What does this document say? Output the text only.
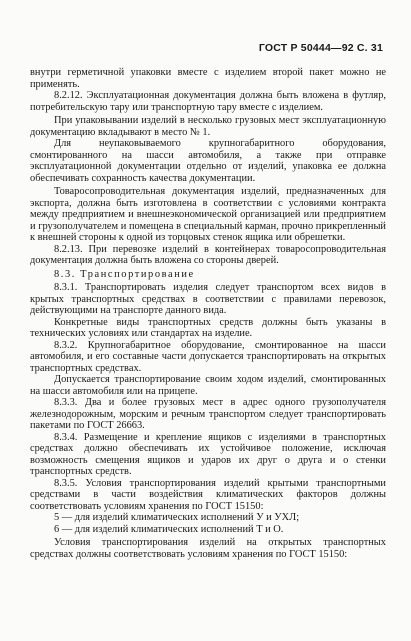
ГОСТ Р 50444—92 С. 31

внутри герметичной упаковки вместе с изделием второй пакет можно не применять.

8.2.12. Эксплуатационная документация должна быть вложена в футляр, потребительскую тару или транспортную тару вместе с изделием.

При упаковывании изделий в несколько грузовых мест эксплуатационную документацию вкладывают в место № 1.

Для неупаковываемого крупногабаритного оборудования, смонтированного на шасси автомобиля, а также при отправке эксплуатационной документации отдельно от изделий, упаковка ее должна обеспечивать сохранность качества документации.

Товаросопроводительная документация изделий, предназначенных для экспорта, должна быть изготовлена в соответствии с условиями контракта между предприятием и внешнеэкономической организацией или предприятием и грузополучателем и помещена в специальный карман, прочно прикрепленный к внешней стороны к одной из торцовых стенок ящика или обрешетки.

8.2.13. При перевозке изделий в контейнерах товаросопроводительная документация должна быть вложена со стороны дверей.

8.3. Транспортирование

8.3.1. Транспортировать изделия следует транспортом всех видов в крытых транспортных средствах в соответствии с правилами перевозок, действующими на транспорте данного вида.

Конкретные виды транспортных средств должны быть указаны в технических условиях или стандартах на изделие.

8.3.2. Крупногабаритное оборудование, смонтированное на шасси автомобиля, и его составные части допускается транспортировать на открытых транспортных средствах.

Допускается транспортирование своим ходом изделий, смонтированных на шасси автомобиля или на прицепе.

8.3.3. Два и более грузовых мест в адрес одного грузополучателя железнодорожным, морским и речным транспортом следует транспортировать пакетами по ГОСТ 26663.

8.3.4. Размещение и крепление ящиков с изделиями в транспортных средствах должно обеспечивать их устойчивое положение, исключая возможность смещения ящиков и ударов их друг о друга и о стенки транспортных средств.

8.3.5. Условия транспортирования изделий крытыми транспортными средствами в части воздействия климатических факторов должны соответствовать условиям хранения по ГОСТ 15150:

5 — для изделий климатических исполнений У и УХЛ;

6 — для изделий климатических исполнений Т и О.

Условия транспортирования изделий на открытых транспортных средствах должны соответствовать условиям хранения по ГОСТ 15150:
